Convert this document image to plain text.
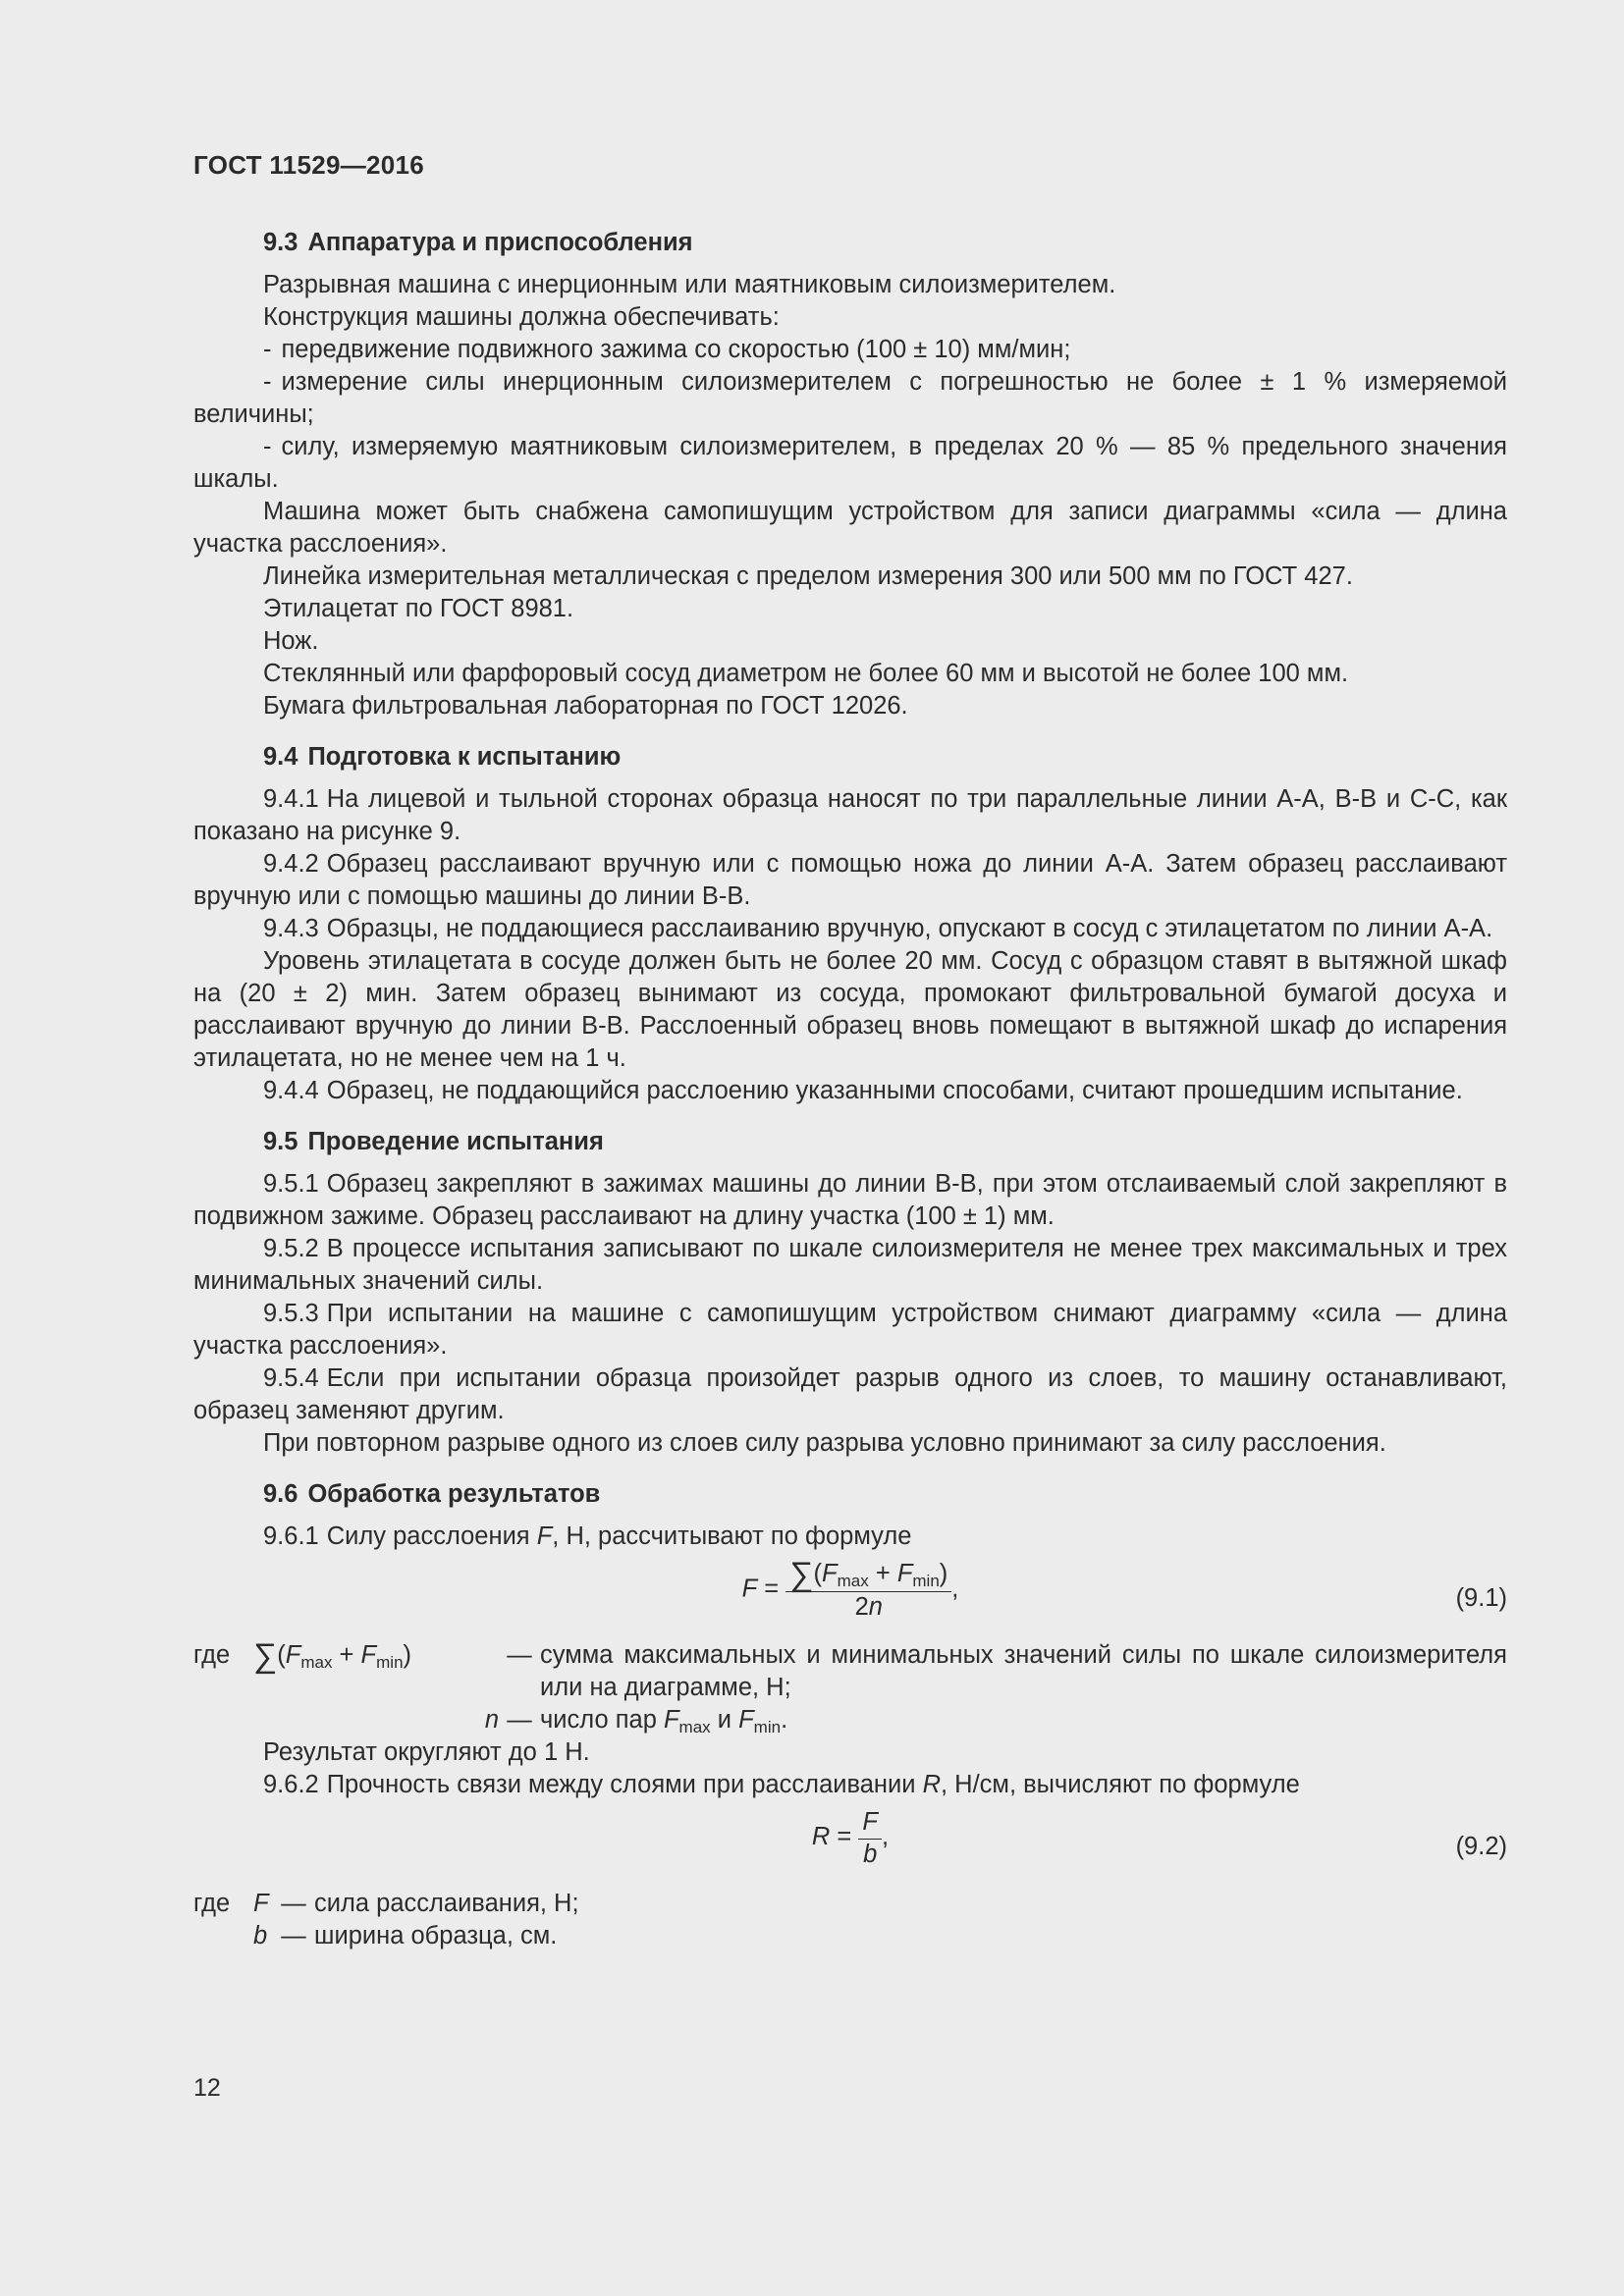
ГОСТ 11529—2016
9.3 Аппаратура и приспособления

Разрывная машина с инерционным или маятниковым силоизмерителем.

Конструкция машины должна обеспечивать:

- передвижение подвижного зажима со скоростью (100 ± 10) мм/мин;

- измерение силы инерционным силоизмерителем с погрешностью не более ± 1 % измеряемой величины;

- силу, измеряемую маятниковым силоизмерителем, в пределах 20 % — 85 % предельного значения шкалы.

Машина может быть снабжена самопишущим устройством для записи диаграммы «сила — длина участка расслоения».

Линейка измерительная металлическая с пределом измерения 300 или 500 мм по ГОСТ 427.

Этилацетат по ГОСТ 8981.

Нож.

Стеклянный или фарфоровый сосуд диаметром не более 60 мм и высотой не более 100 мм.

Бумага фильтровальная лабораторная по ГОСТ 12026.

9.4 Подготовка к испытанию

9.4.1 На лицевой и тыльной сторонах образца наносят по три параллельные линии А-А, В-В и С-С, как показано на рисунке 9.

9.4.2 Образец расслаивают вручную или с помощью ножа до линии А-А. Затем образец расслаивают вручную или с помощью машины до линии В-В.

9.4.3 Образцы, не поддающиеся расслаиванию вручную, опускают в сосуд с этилацетатом по линии А-А.

Уровень этилацетата в сосуде должен быть не более 20 мм. Сосуд с образцом ставят в вытяжной шкаф на (20 ± 2) мин. Затем образец вынимают из сосуда, промокают фильтровальной бумагой досуха и расслаивают вручную до линии В-В. Расслоенный образец вновь помещают в вытяжной шкаф до испарения этилацетата, но не менее чем на 1 ч.

9.4.4 Образец, не поддающийся расслоению указанными способами, считают прошедшим испытание.

9.5 Проведение испытания

9.5.1 Образец закрепляют в зажимах машины до линии В-В, при этом отслаиваемый слой закрепляют в подвижном зажиме. Образец расслаивают на длину участка (100 ± 1) мм.

9.5.2 В процессе испытания записывают по шкале силоизмерителя не менее трех максимальных и трех минимальных значений силы.

9.5.3 При испытании на машине с самопишущим устройством снимают диаграмму «сила — длина участка расслоения».

9.5.4 Если при испытании образца произойдет разрыв одного из слоев, то машину останавливают, образец заменяют другим.

При повторном разрыве одного из слоев силу разрыва условно принимают за силу расслоения.

9.6 Обработка результатов

9.6.1 Силу расслоения F, Н, рассчитывают по формуле

$F = \frac{\sum(F_{max} + F_{min})}{2n}$ ,	(9.1)
где $\sum(F_{max} + F_{min})$	— сумма максимальных и минимальных значений силы по шкале силоизмерителя или на диаграмме, Н;
n — число пар $F_{max}$ и $F_{min}$.

Результат округляют до 1 Н.

9.6.2 Прочность связи между слоями при расслаивании R, Н/см, вычисляют по формуле

$R = \frac{F}{b}$ ,	(9.2)
где F — сила расслаивания, Н;
b — ширина образца, см.
12
